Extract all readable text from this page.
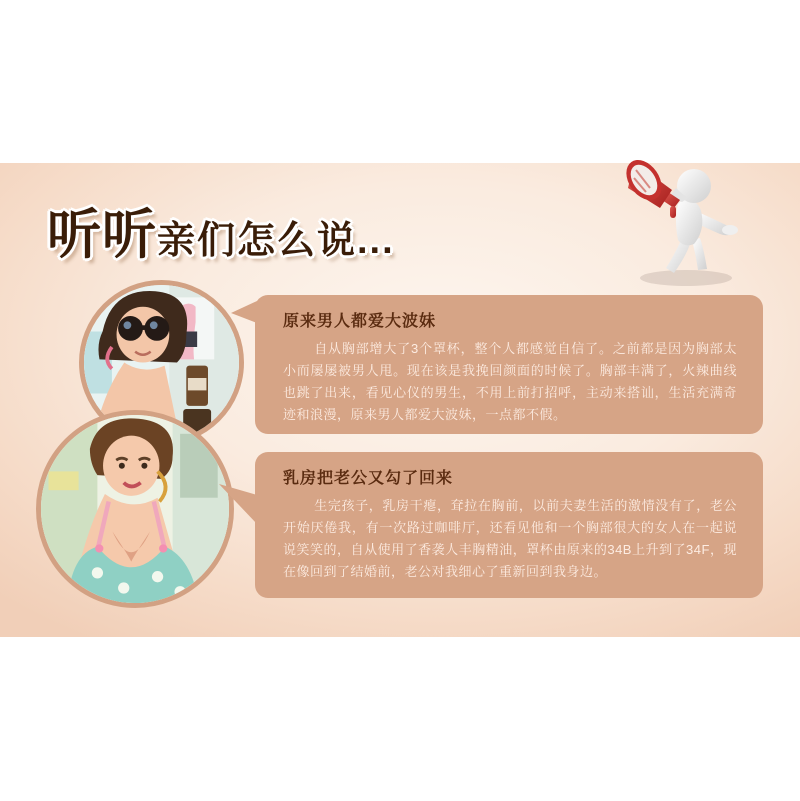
听听亲们怎么说...
原来男人都爱大波妹
自从胸部增大了3个罩杯，整个人都感觉自信了。之前都是因为胸部太小而屡屡被男人甩。现在该是我挽回颜面的时候了。胸部丰满了，火辣曲线也跳了出来，看见心仪的男生，不用上前打招呼，主动来搭讪，生活充满奇迹和浪漫，原来男人都爱大波妹，一点都不假。
乳房把老公又勾了回来
生完孩子，乳房干瘪，耷拉在胸前，以前夫妻生活的激情没有了，老公开始厌倦我，有一次路过咖啡厅，还看见他和一个胸部很大的女人在一起说说笑笑的，自从使用了香袭人丰胸精油，罩杯由原来的34B上升到了34F，现在像回到了结婚前，老公对我细心了重新回到我身边。
